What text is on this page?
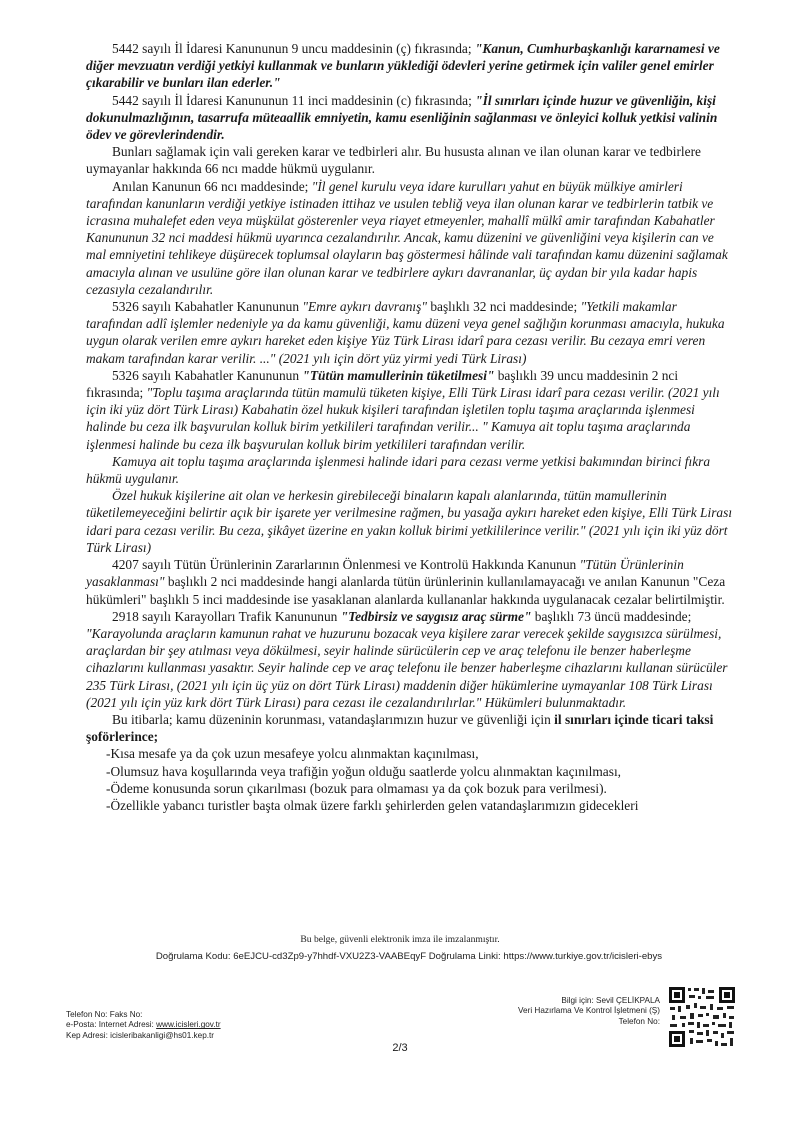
5442 sayılı İl İdaresi Kanununun 9 uncu maddesinin (ç) fıkrasında; "Kanun, Cumhurbaşkanlığı kararnamesi ve diğer mevzuatın verdiği yetkiyi kullanmak ve bunların yüklediği ödevleri yerine getirmek için valiler genel emirler çıkarabilir ve bunları ilan ederler."

5442 sayılı İl İdaresi Kanununun 11 inci maddesinin (c) fıkrasında; "İl sınırları içinde huzur ve güvenliğin, kişi dokunulmazlığının, tasarrufa müteaallik emniyetin, kamu esenliğinin sağlanması ve önleyici kolluk yetkisi valinin ödev ve görevlerindendir.

Bunları sağlamak için vali gereken karar ve tedbirleri alır. Bu hususta alınan ve ilan olunan karar ve tedbirlere uymayanlar hakkında 66 ncı madde hükmü uygulanır.

Anılan Kanunun 66 ncı maddesinde; "İl genel kurulu veya idare kurulları yahut en büyük mülkiye amirleri tarafından kanunların verdiği yetkiye istinaden ittihaz ve usulen tebliğ veya ilan olunan karar ve tedbirlerin tatbik ve icrasına muhalefet eden veya müşkülat gösterenler veya riayet etmeyenler, mahallî mülkî amir tarafından Kabahatler Kanununun 32 nci maddesi hükmü uyarınca cezalandırılır. Ancak, kamu düzenini ve güvenliğini veya kişilerin can ve mal emniyetini tehlikeye düşürecek toplumsal olayların baş göstermesi hâlinde vali tarafından kamu düzenini sağlamak amacıyla alınan ve usulüne göre ilan olunan karar ve tedbirlere aykırı davrananlar, üç aydan bir yıla kadar hapis cezasıyla cezalandırılır.

5326 sayılı Kabahatler Kanununun "Emre aykırı davranış" başlıklı 32 nci maddesinde; "Yetkili makamlar tarafından adlî işlemler nedeniyle ya da kamu güvenliği, kamu düzeni veya genel sağlığın korunması amacıyla, hukuka uygun olarak verilen emre aykırı hareket eden kişiye Yüz Türk Lirası idarî para cezası verilir. Bu cezaya emri veren makam tarafından karar verilir. ..." (2021 yılı için dört yüz yirmi yedi Türk Lirası)

5326 sayılı Kabahatler Kanununun "Tütün mamullerinin tüketilmesi" başlıklı 39 uncu maddesinin 2 nci fıkrasında; "Toplu taşıma araçlarında tütün mamulü tüketen kişiye, Elli Türk Lirası idarî para cezası verilir. (2021 yılı için iki yüz dört Türk Lirası) Kabahatin özel hukuk kişileri tarafından işletilen toplu taşıma araçlarında işlenmesi halinde bu ceza ilk başvurulan kolluk birim yetkilileri tarafından verilir... " Kamuya ait toplu taşıma araçlarında işlenmesi halinde bu ceza ilk başvurulan kolluk birim yetkilileri tarafından verilir.

Kamuya ait toplu taşıma araçlarında işlenmesi halinde idari para cezası verme yetkisi bakımından birinci fıkra hükmü uygulanır.

Özel hukuk kişilerine ait olan ve herkesin girebileceği binaların kapalı alanlarında, tütün mamullerinin tüketilemeyeceğini belirtir açık bir işarete yer verilmesine rağmen, bu yasağa aykırı hareket eden kişiye, Elli Türk Lirası idari para cezası verilir. Bu ceza, şikâyet üzerine en yakın kolluk birimi yetkililerince verilir." (2021 yılı için iki yüz dört Türk Lirası)

4207 sayılı Tütün Ürünlerinin Zararlarının Önlenmesi ve Kontrolü Hakkında Kanunun "Tütün Ürünlerinin yasaklanması" başlıklı 2 nci maddesinde hangi alanlarda tütün ürünlerinin kullanılamayacağı ve anılan Kanunun "Ceza hükümleri" başlıklı 5 inci maddesinde ise yasaklanan alanlarda kullananlar hakkında uygulanacak cezalar belirtilmiştir.

2918 sayılı Karayolları Trafik Kanununun "Tedbirsiz ve saygısız araç sürme" başlıklı 73 üncü maddesinde; "Karayolunda araçların kamunun rahat ve huzurunu bozacak veya kişilere zarar verecek şekilde saygısızca sürülmesi, araçlardan bir şey atılması veya dökülmesi, seyir halinde sürücülerin cep ve araç telefonu ile benzer haberleşme cihazlarını kullanması yasaktır. Seyir halinde cep ve araç telefonu ile benzer haberleşme cihazlarını kullanan sürücüler 235 Türk Lirası, (2021 yılı için üç yüz on dört Türk Lirası) maddenin diğer hükümlerine uymayanlar 108 Türk Lirası (2021 yılı için yüz kırk dört Türk Lirası) para cezası ile cezalandırılırlar." Hükümleri bulunmaktadır.

Bu itibarla; kamu düzeninin korunması, vatandaşlarımızın huzur ve güvenliği için il sınırları içinde ticari taksi şoförlerince;

-Kısa mesafe ya da çok uzun mesafeye yolcu alınmaktan kaçınılması,

-Olumsuz hava koşullarında veya trafiğin yoğun olduğu saatlerde yolcu alınmaktan kaçınılması,

-Ödeme konusunda sorun çıkarılması (bozuk para olmaması ya da çok bozuk para verilmesi).

-Özellikle yabancı turistler başta olmak üzere farklı şehirlerden gelen vatandaşlarımızın gidecekleri

Bu belge, güvenli elektronik imza ile imzalanmıştır.
Doğrulama Kodu: 6eEJCU-cd3Zp9-y7hhdf-VXU2Z3-VAABEqyF Doğrulama Linki: https://www.turkiye.gov.tr/icisleri-ebys
Telefon No: Faks No:
e-Posta: Internet Adresi: www.icisleri.gov.tr
Kep Adresi: icisleribakanligi@hs01.kep.tr
Bilgi için: Sevil ÇELİKPALA
Veri Hazırlama Ve Kontrol İşletmeni (Ş)
Telefon No:
2/3
